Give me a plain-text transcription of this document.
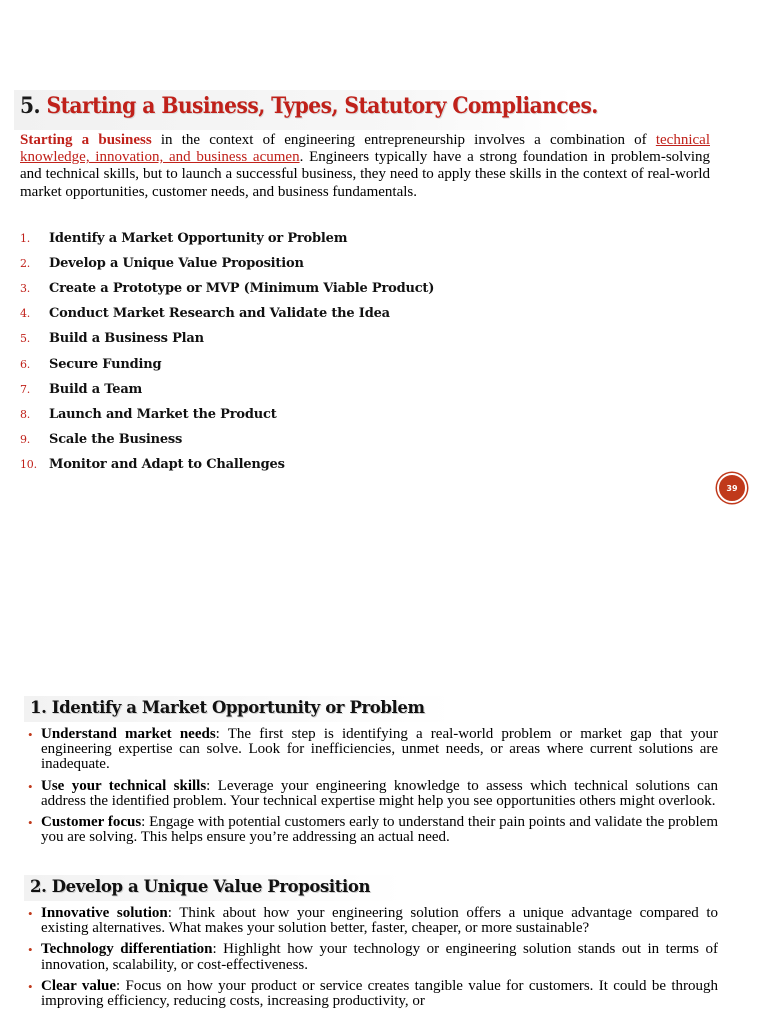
5. Starting a Business, Types, Statutory Compliances.

Starting a business in the context of engineering entrepreneurship involves a combination of technical knowledge, innovation, and business acumen. Engineers typically have a strong foundation in problem-solving and technical skills, but to launch a successful business, they need to apply these skills in the context of real-world market opportunities, customer needs, and business fundamentals.

1.	Identify a Market Opportunity or Problem
2.	Develop a Unique Value Proposition
3.	Create a Prototype or MVP (Minimum Viable Product)
4.	Conduct Market Research and Validate the Idea
5.	Build a Business Plan
6.	Secure Funding
7.	Build a Team
8.	Launch and Market the Product
9.	Scale the Business
10. Monitor and Adapt to Challenges
39
1. Identify a Market Opportunity or Problem
• Understand market needs: The first step is identifying a real-world problem or market gap that your engineering expertise can solve. Look for inefficiencies, unmet needs, or areas where current solutions are inadequate.
• Use your technical skills: Leverage your engineering knowledge to assess which technical solutions can address the identified problem. Your technical expertise might help you see opportunities others might overlook.
• Customer focus: Engage with potential customers early to understand their pain points and validate the problem you are solving. This helps ensure you’re addressing an actual need.
2. Develop a Unique Value Proposition
• Innovative solution: Think about how your engineering solution offers a unique advantage compared to existing alternatives. What makes your solution better, faster, cheaper, or more sustainable?
• Technology differentiation: Highlight how your technology or engineering solution stands out in terms of innovation, scalability, or cost-effectiveness.
• Clear value: Focus on how your product or service creates tangible value for customers. It could be through improving efficiency, reducing costs, increasing productivity, or
